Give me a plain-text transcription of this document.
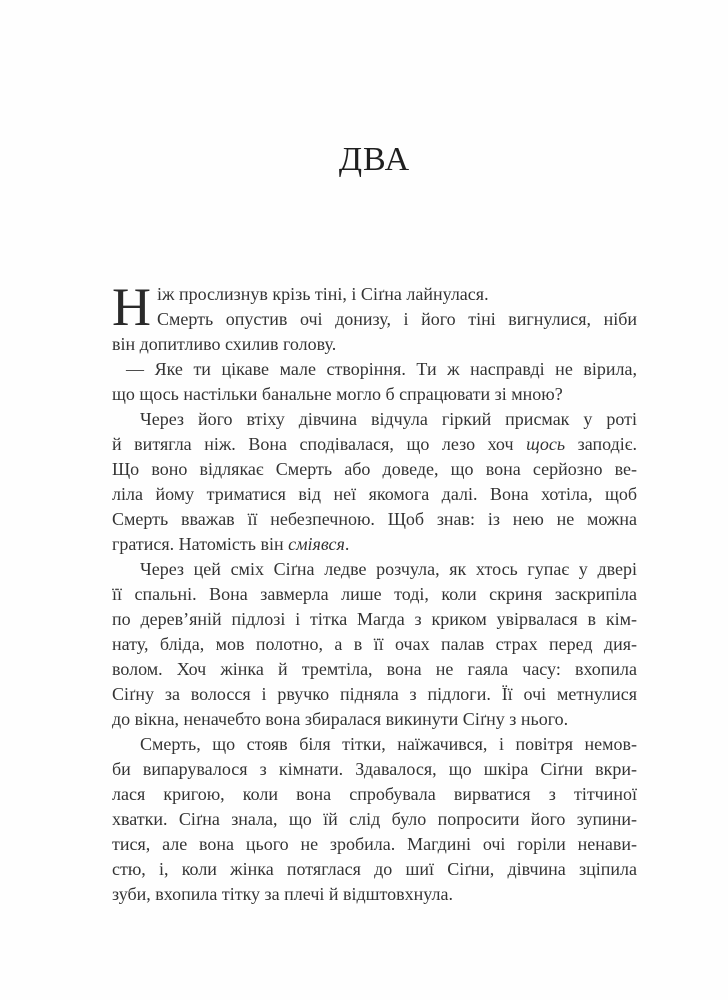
ДВА
Н іж прослизнув крізь тіні, і Сіґна лайнулася.
Смерть опустив очі донизу, і його тіні вигнулися, ніби
він допитливо схилив голову.
— Яке ти цікаве мале створіння. Ти ж насправді не вірила,
що щось настільки банальне могло б спрацювати зі мною?
Через його втіху дівчина відчула гіркий присмак у роті
й витягла ніж. Вона сподівалася, що лезо хоч щось заподіє.
Що воно відлякає Смерть або доведе, що вона серйозно ве-
ліла йому триматися від неї якомога далі. Вона хотіла, щоб
Смерть вважав її небезпечною. Щоб знав: із нею не можна
гратися. Натомість він сміявся.
Через цей сміх Сіґна ледве розчула, як хтось гупає у двері
її спальні. Вона завмерла лише тоді, коли скриня заскрипіла
по дерев’яній підлозі і тітка Магда з криком увірвалася в кім-
нату, бліда, мов полотно, а в її очах палав страх перед дия-
волом. Хоч жінка й тремтіла, вона не гаяла часу: вхопила
Сіґну за волосся і рвучко підняла з підлоги. Її очі метнулися
до вікна, неначебто вона збиралася викинути Сіґну з нього.
Смерть, що стояв біля тітки, наїжачився, і повітря немов-
би випарувалося з кімнати. Здавалося, що шкіра Сіґни вкри-
лася кригою, коли вона спробувала вирватися з тітчиної
хватки. Сіґна знала, що їй слід було попросити його зупини-
тися, але вона цього не зробила. Магдині очі горіли ненави-
стю, і, коли жінка потяглася до шиї Сіґни, дівчина зціпила
зуби, вхопила тітку за плечі й відштовхнула.
